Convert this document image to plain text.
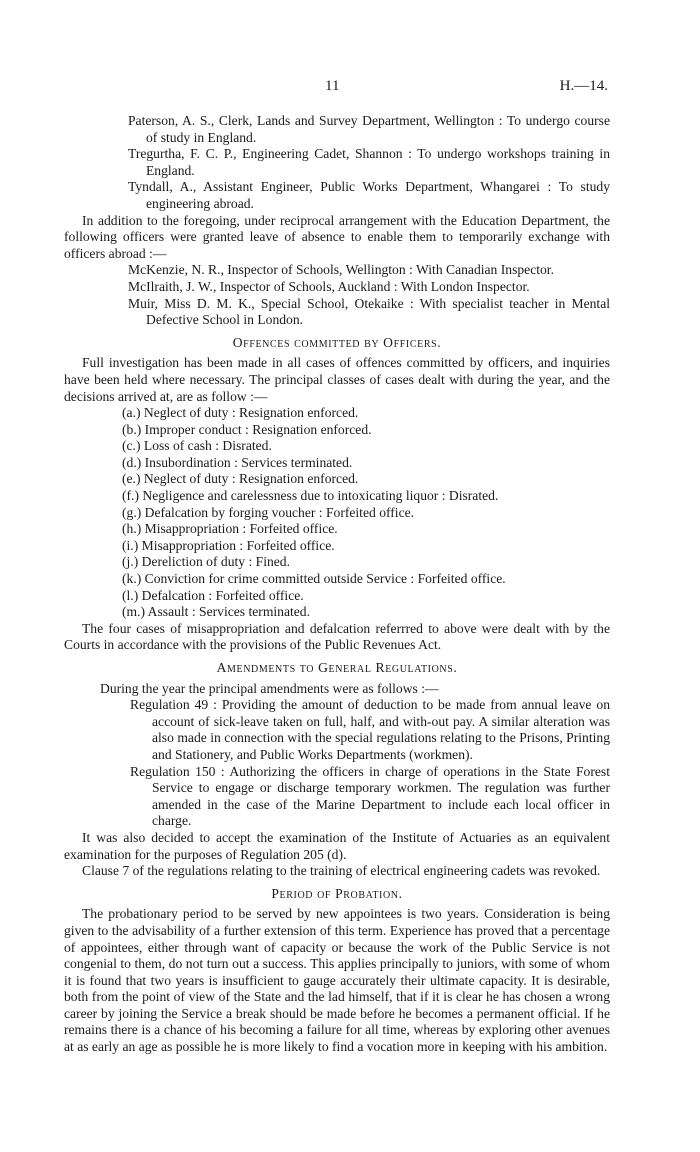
11	H.—14.

Paterson, A. S., Clerk, Lands and Survey Department, Wellington : To undergo course of study in England.

Tregurtha, F. C. P., Engineering Cadet, Shannon : To undergo workshops training in England.

Tyndall, A., Assistant Engineer, Public Works Department, Whangarei : To study engineering abroad.

In addition to the foregoing, under reciprocal arrangement with the Education Department, the following officers were granted leave of absence to enable them to temporarily exchange with officers abroad :—

McKenzie, N. R., Inspector of Schools, Wellington : With Canadian Inspector.

McIlraith, J. W., Inspector of Schools, Auckland : With London Inspector.

Muir, Miss D. M. K., Special School, Otekaike : With specialist teacher in Mental Defective School in London.

Offences committed by Officers.

Full investigation has been made in all cases of offences committed by officers, and inquiries have been held where necessary. The principal classes of cases dealt with during the year, and the decisions arrived at, are as follow :—

(a.) Neglect of duty : Resignation enforced.

(b.) Improper conduct : Resignation enforced.

(c.) Loss of cash : Disrated.

(d.) Insubordination : Services terminated.

(e.) Neglect of duty : Resignation enforced.

(f.) Negligence and carelessness due to intoxicating liquor : Disrated.

(g.) Defalcation by forging voucher : Forfeited office.

(h.) Misappropriation : Forfeited office.

(i.) Misappropriation : Forfeited office.

(j.) Dereliction of duty : Fined.

(k.) Conviction for crime committed outside Service : Forfeited office.

(l.) Defalcation : Forfeited office.

(m.) Assault : Services terminated.

The four cases of misappropriation and defalcation referrred to above were dealt with by the Courts in accordance with the provisions of the Public Revenues Act.

Amendments to General Regulations.

During the year the principal amendments were as follows :—

Regulation 49 : Providing the amount of deduction to be made from annual leave on account of sick-leave taken on full, half, and with-out pay. A similar alteration was also made in connection with the special regulations relating to the Prisons, Printing and Stationery, and Public Works Departments (workmen).

Regulation 150 : Authorizing the officers in charge of operations in the State Forest Service to engage or discharge temporary workmen. The regulation was further amended in the case of the Marine Department to include each local officer in charge.

It was also decided to accept the examination of the Institute of Actuaries as an equivalent examination for the purposes of Regulation 205 (d).

Clause 7 of the regulations relating to the training of electrical engineering cadets was revoked.

Period of Probation.

The probationary period to be served by new appointees is two years. Consideration is being given to the advisability of a further extension of this term. Experience has proved that a percentage of appointees, either through want of capacity or because the work of the Public Service is not congenial to them, do not turn out a success. This applies principally to juniors, with some of whom it is found that two years is insufficient to gauge accurately their ultimate capacity. It is desirable, both from the point of view of the State and the lad himself, that if it is clear he has chosen a wrong career by joining the Service a break should be made before he becomes a permanent official. If he remains there is a chance of his becoming a failure for all time, whereas by exploring other avenues at as early an age as possible he is more likely to find a vocation more in keeping with his ambition.
